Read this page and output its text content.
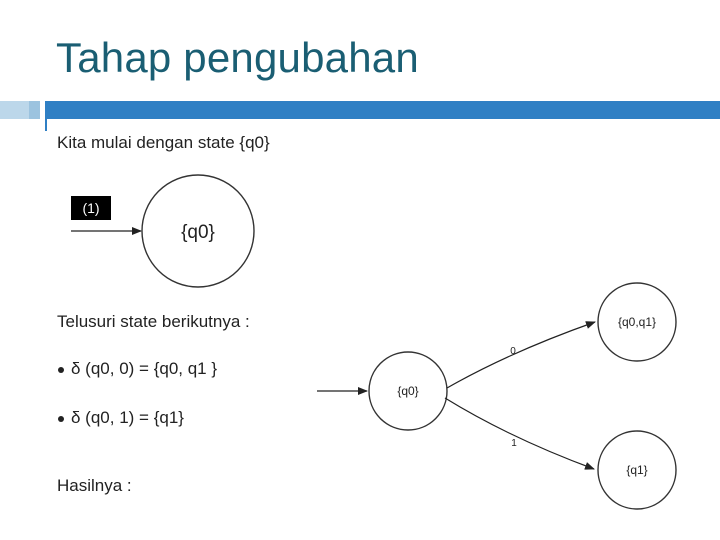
Tahap pengubahan
Kita mulai dengan state {q0}
(1)
{q0}
{q0}
0
1
{q0,q1}
{q1}
Telusuri state berikutnya :
δ (q0, 0) = {q0, q1 }
δ (q0, 1) = {q1}
Hasilnya :
